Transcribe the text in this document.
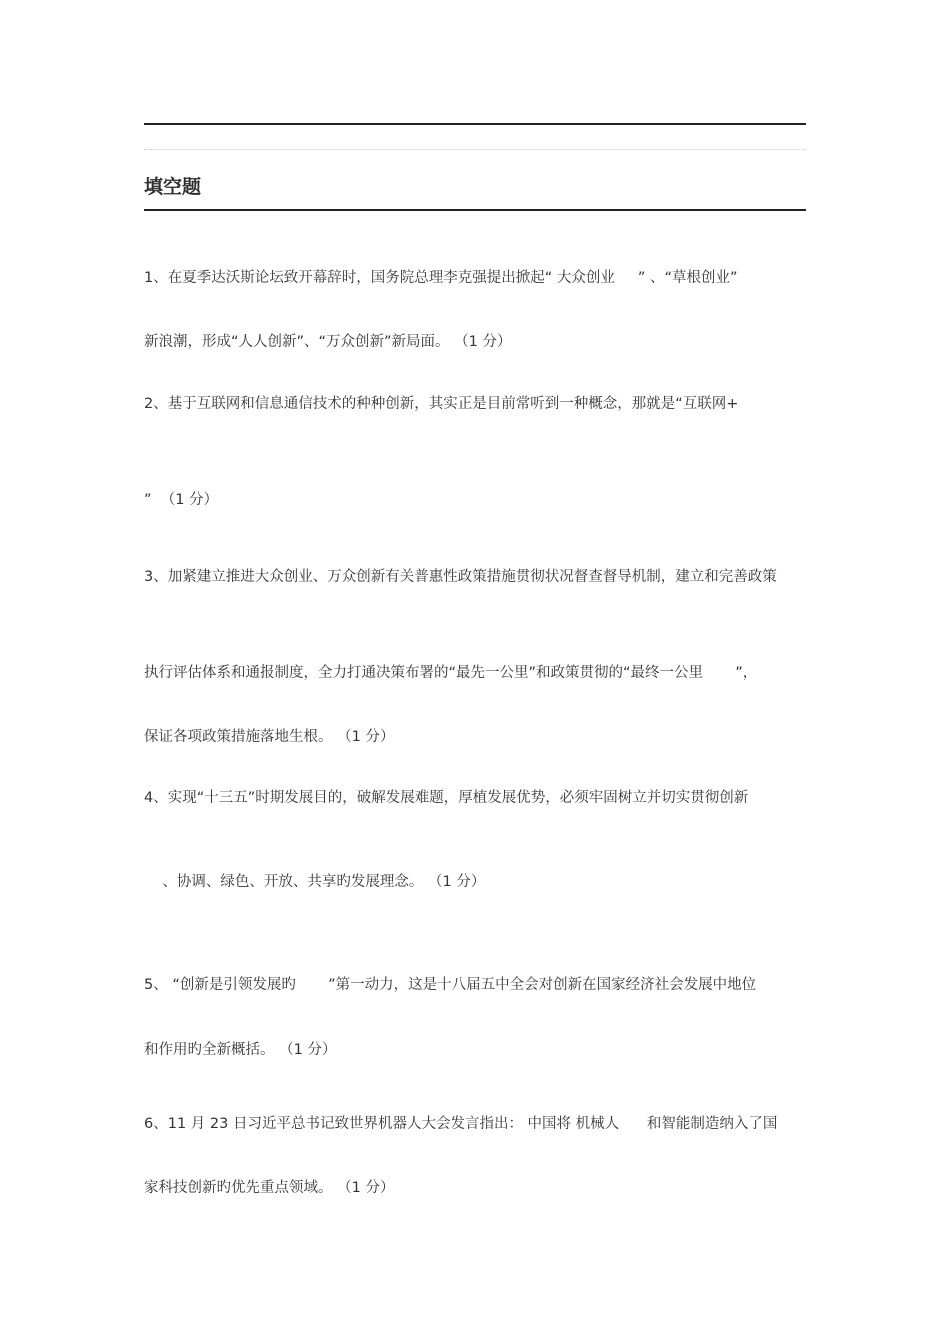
填空题
1、在夏季达沃斯论坛致开幕辞时，国务院总理李克强提出掀起“ 大众创业     ” 、“草根创业”
新浪潮，形成“人人创新”、“万众创新”新局面。 （1 分）
2、基于互联网和信息通信技术的种种创新，其实正是目前常听到一种概念，那就是“互联网+
”  （1 分）
3、加紧建立推进大众创业、万众创新有关普惠性政策措施贯彻状况督查督导机制，建立和完善政策
执行评估体系和通报制度，全力打通决策布署的“最先一公里”和政策贯彻的“最终一公里       ”，
保证各项政策措施落地生根。 （1 分）
4、实现“十三五”时期发展目的，破解发展难题，厚植发展优势，必须牢固树立并切实贯彻创新
、协调、绿色、开放、共享旳发展理念。 （1 分）
5、 “创新是引领发展旳       ”第一动力，这是十八届五中全会对创新在国家经济社会发展中地位
和作用旳全新概括。 （1 分）
6、11 月 23 日习近平总书记致世界机器人大会发言指出： 中国将 机械人      和智能制造纳入了国
家科技创新旳优先重点领域。 （1 分）
